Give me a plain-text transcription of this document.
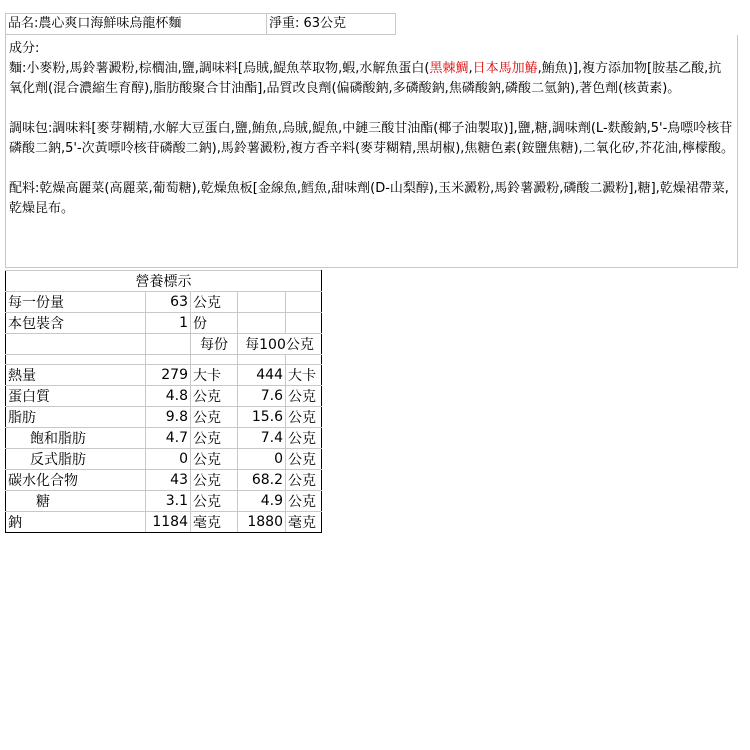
品名:農心爽口海鮮味烏龍杯麵	淨重: 63公克

成分:

麵:小麥粉,馬鈴薯澱粉,棕櫚油,鹽,調味料[烏賊,鯷魚萃取物,蝦,水解魚蛋白(黑棘鯛,日本馬加鰆,鮪魚)],複方添加物[胺基乙酸,抗氧化劑(混合濃縮生育醇),脂肪酸聚合甘油酯],品質改良劑(偏磷酸鈉,多磷酸鈉,焦磷酸鈉,磷酸二氫鈉),著色劑(核黃素)。

調味包:調味料[麥芽糊精,水解大豆蛋白,鹽,鮪魚,烏賊,鯷魚,中鏈三酸甘油酯(椰子油製取)],鹽,糖,調味劑(L-麩酸鈉,5'-鳥嘌呤核苷磷酸二鈉,5'-次黃嘌呤核苷磷酸二鈉),馬鈴薯澱粉,複方香辛料(麥芽糊精,黑胡椒),焦糖色素(銨鹽焦糖),二氧化矽,芥花油,檸檬酸。

配料:乾燥高麗菜(高麗菜,葡萄糖),乾燥魚板[金線魚,鱈魚,甜味劑(D-山梨醇),玉米澱粉,馬鈴薯澱粉,磷酸二澱粉],糖],乾燥裙帶菜,乾燥昆布。

營養標示				
每一份量	63	公克		
本包裝含	1	份		
		每份	每100公克	

熱量	279	大卡	444	大卡
蛋白質	4.8	公克	7.6	公克
脂肪	9.8	公克	15.6	公克
飽和脂肪	4.7	公克	7.4	公克
反式脂肪	0	公克	0	公克
碳水化合物	43	公克	68.2	公克
糖	3.1	公克	4.9	公克
鈉	1184	毫克	1880	毫克
